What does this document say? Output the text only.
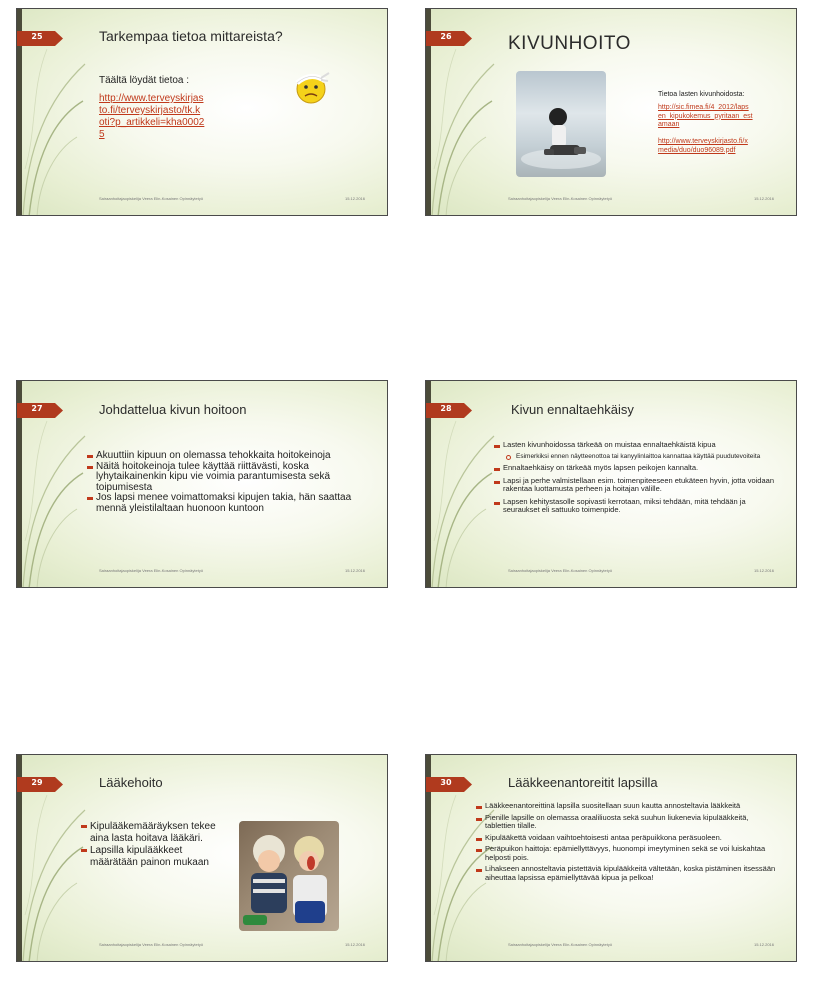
25	Tarkempaa tietoa mittareista?
Täältä löydät tietoa :
http://www.terveyskirjas
to.fi/terveyskirjasto/tk.k
oti?p_artikkeli=kha0002
5
Sairaanhoitajaopiskelija Veera Elin-Kosainen Opinnäytetyö	15.12.2016
26	KIVUNHOITO
Tietoa lasten kivunhoidosta:
http://sic.fimea.fi/4_2012/laps
en_kipukokemus_pyritaan_est
amaan
http://www.terveyskirjasto.fi/x
media/duo/duo96089.pdf
Sairaanhoitajaopiskelija Veera Elin-Kosainen Opinnäytetyö	15.12.2016
27	Johdattelua kivun hoitoon
Akuuttiin kipuun on olemassa tehokkaita hoitokeinoja
Näitä hoitokeinoja tulee käyttää riittävästi, koska lyhytaikainenkin kipu vie voimia parantumisesta sekä toipumisesta
Jos lapsi menee voimattomaksi kipujen takia, hän saattaa mennä yleistilaltaan huonoon kuntoon
Sairaanhoitajaopiskelija Veera Elin-Kosainen Opinnäytetyö	15.12.2016
28	Kivun ennaltaehkäisy
Lasten kivunhoidossa tärkeää on muistaa ennaltaehkäistä kipua
Esimerkiksi ennen näytteenottoa tai kanyylinlaittoa kannattaa käyttää puudutevoiteita
Ennaltaehkäisy on tärkeää myös lapsen peikojen kannalta.
Lapsi ja perhe valmistellaan esim. toimenpiteeseen etukäteen hyvin, jotta voidaan rakentaa luottamusta perheen ja hoitajan välille.
Lapsen kehitystasolle sopivasti kerrotaan, miksi tehdään, mitä tehdään ja seuraukset eli sattuuko toimenpide.
Sairaanhoitajaopiskelija Veera Elin-Kosainen Opinnäytetyö	15.12.2016
29	Lääkehoito
Kipulääkemääräyksen tekee aina lasta hoitava lääkäri.
Lapsilla kipulääkkeet määrätään painon mukaan
Sairaanhoitajaopiskelija Veera Elin-Kosainen Opinnäytetyö	15.12.2016
30	Lääkkeenantoreitit lapsilla
Lääkkeenantoreittinä lapsilla suositellaan suun kautta annosteltavia lääkkeitä
Pienille lapsille on olemassa oraaliliuosta sekä suuhun liukenevia kipulääkkeitä, tablettien tilalle.
Kipulääkettä voidaan vaihtoehtoisesti antaa peräpuikkona peräsuoleen.
Peräpuikon haittoja: epämiellyttävyys, huonompi imeytyminen sekä se voi luiskahtaa helposti pois.
Lihakseen annosteltavia pistettäviä kipulääkkeitä vältetään, koska pistäminen itsessään aiheuttaa lapsissa epämiellyttävää kipua ja pelkoa!
Sairaanhoitajaopiskelija Veera Elin-Kosainen Opinnäytetyö	15.12.2016
